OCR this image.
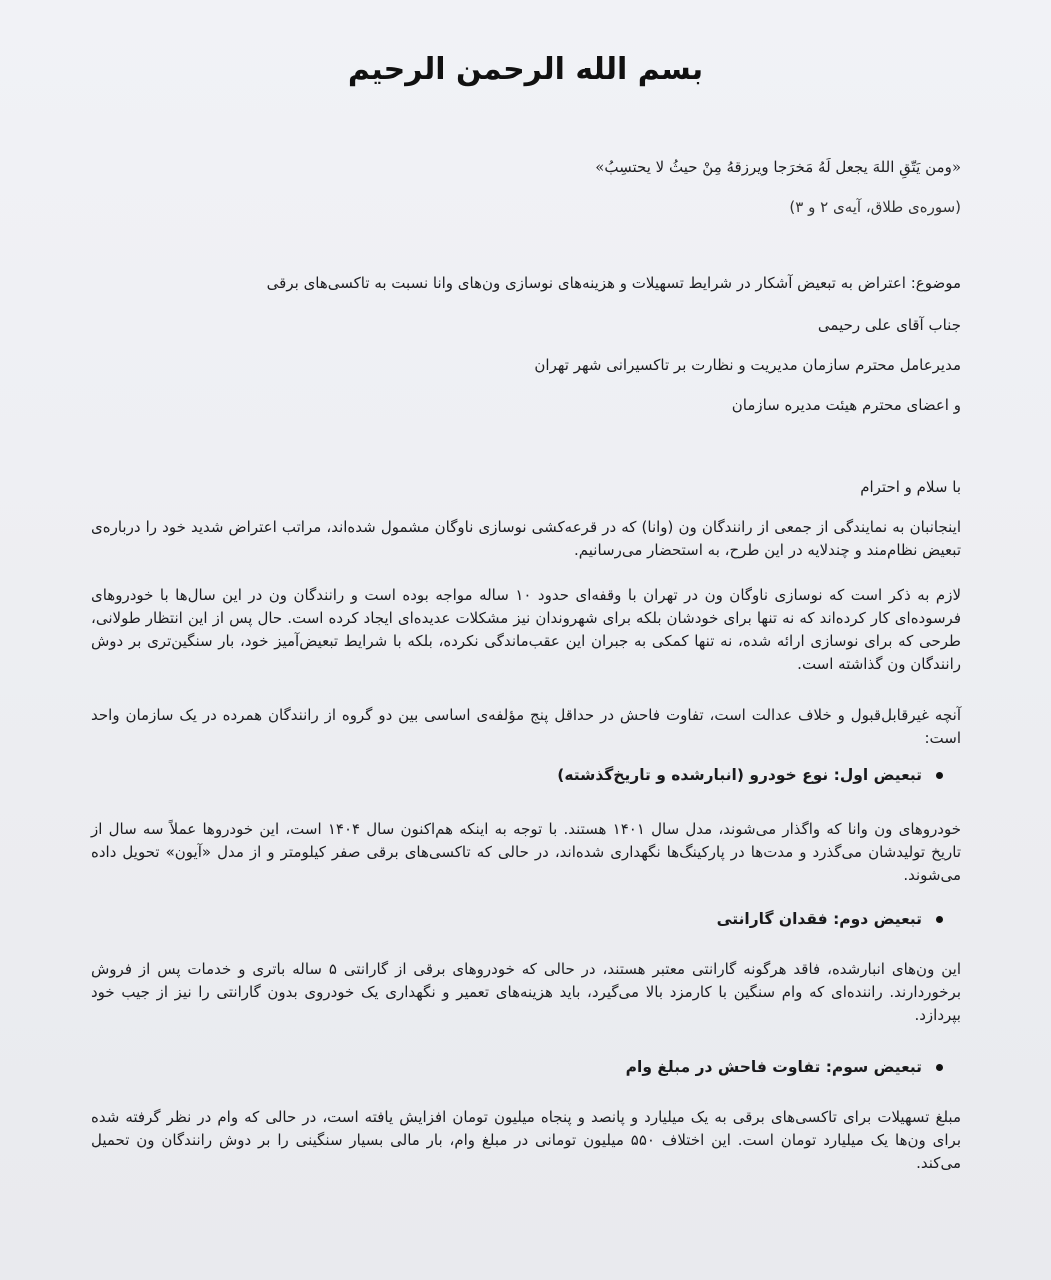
بسم الله الرحمن الرحیم
«ومن یَتّقِ اللهَ یجعل لَهُ مَخرَجا ویرزقهُ مِنْ حیثُ لا یحتسِبُ»
(سوره‌ی طلاق، آیه‌ی ۲ و ۳)
موضوع: اعتراض به تبعیض آشکار در شرایط تسهیلات و هزینه‌های نوسازی ون‌های وانا نسبت به تاکسی‌های برقی
جناب آقای علی رحیمی
مدیرعامل محترم سازمان مدیریت و نظارت بر تاکسیرانی شهر تهران
و اعضای محترم هیئت مدیره سازمان
با سلام و احترام
اینجانبان به نمایندگی از جمعی از رانندگان ون (وانا) که در قرعه‌کشی نوسازی ناوگان مشمول شده‌اند، مراتب اعتراض شدید خود را درباره‌ی تبعیض نظام‌مند و چندلایه در این طرح، به استحضار می‌رسانیم.
لازم به ذکر است که نوسازی ناوگان ون در تهران با وقفه‌ای حدود ۱۰ ساله مواجه بوده است و رانندگان ون در این سال‌ها با خودروهای فرسوده‌ای کار کرده‌اند که نه تنها برای خودشان بلکه برای شهروندان نیز مشکلات عدیده‌ای ایجاد کرده است. حال پس از این انتظار طولانی، طرحی که برای نوسازی ارائه شده، نه تنها کمکی به جبران این عقب‌ماندگی نکرده، بلکه با شرایط تبعیض‌آمیز خود، بار سنگین‌تری بر دوش رانندگان ون گذاشته است.
آنچه غیرقابل‌قبول و خلاف عدالت است، تفاوت فاحش در حداقل پنج مؤلفه‌ی اساسی بین دو گروه از رانندگان همرده در یک سازمان واحد است:
تبعیض اول: نوع خودرو (انبارشده و تاریخ‌گذشته)
خودروهای ون وانا که واگذار می‌شوند، مدل سال ۱۴۰۱ هستند. با توجه به اینکه هم‌اکنون سال ۱۴۰۴ است، این خودروها عملاً سه سال از تاریخ تولیدشان می‌گذرد و مدت‌ها در پارکینگ‌ها نگهداری شده‌اند، در حالی که تاکسی‌های برقی صفر کیلومتر و از مدل «آیون» تحویل داده می‌شوند.
تبعیض دوم: فقدان گارانتی
این ون‌های انبارشده، فاقد هرگونه گارانتی معتبر هستند، در حالی که خودروهای برقی از گارانتی ۵ ساله باتری و خدمات پس از فروش برخوردارند. راننده‌ای که وام سنگین با کارمزد بالا می‌گیرد، باید هزینه‌های تعمیر و نگهداری یک خودروی بدون گارانتی را نیز از جیب خود بپردازد.
تبعیض سوم: تفاوت فاحش در مبلغ وام
مبلغ تسهیلات برای تاکسی‌های برقی به یک میلیارد و پانصد و پنجاه میلیون تومان افزایش یافته است، در حالی که وام در نظر گرفته شده برای ون‌ها یک میلیارد تومان است. این اختلاف ۵۵۰ میلیون تومانی در مبلغ وام، بار مالی بسیار سنگینی را بر دوش رانندگان ون تحمیل می‌کند.
